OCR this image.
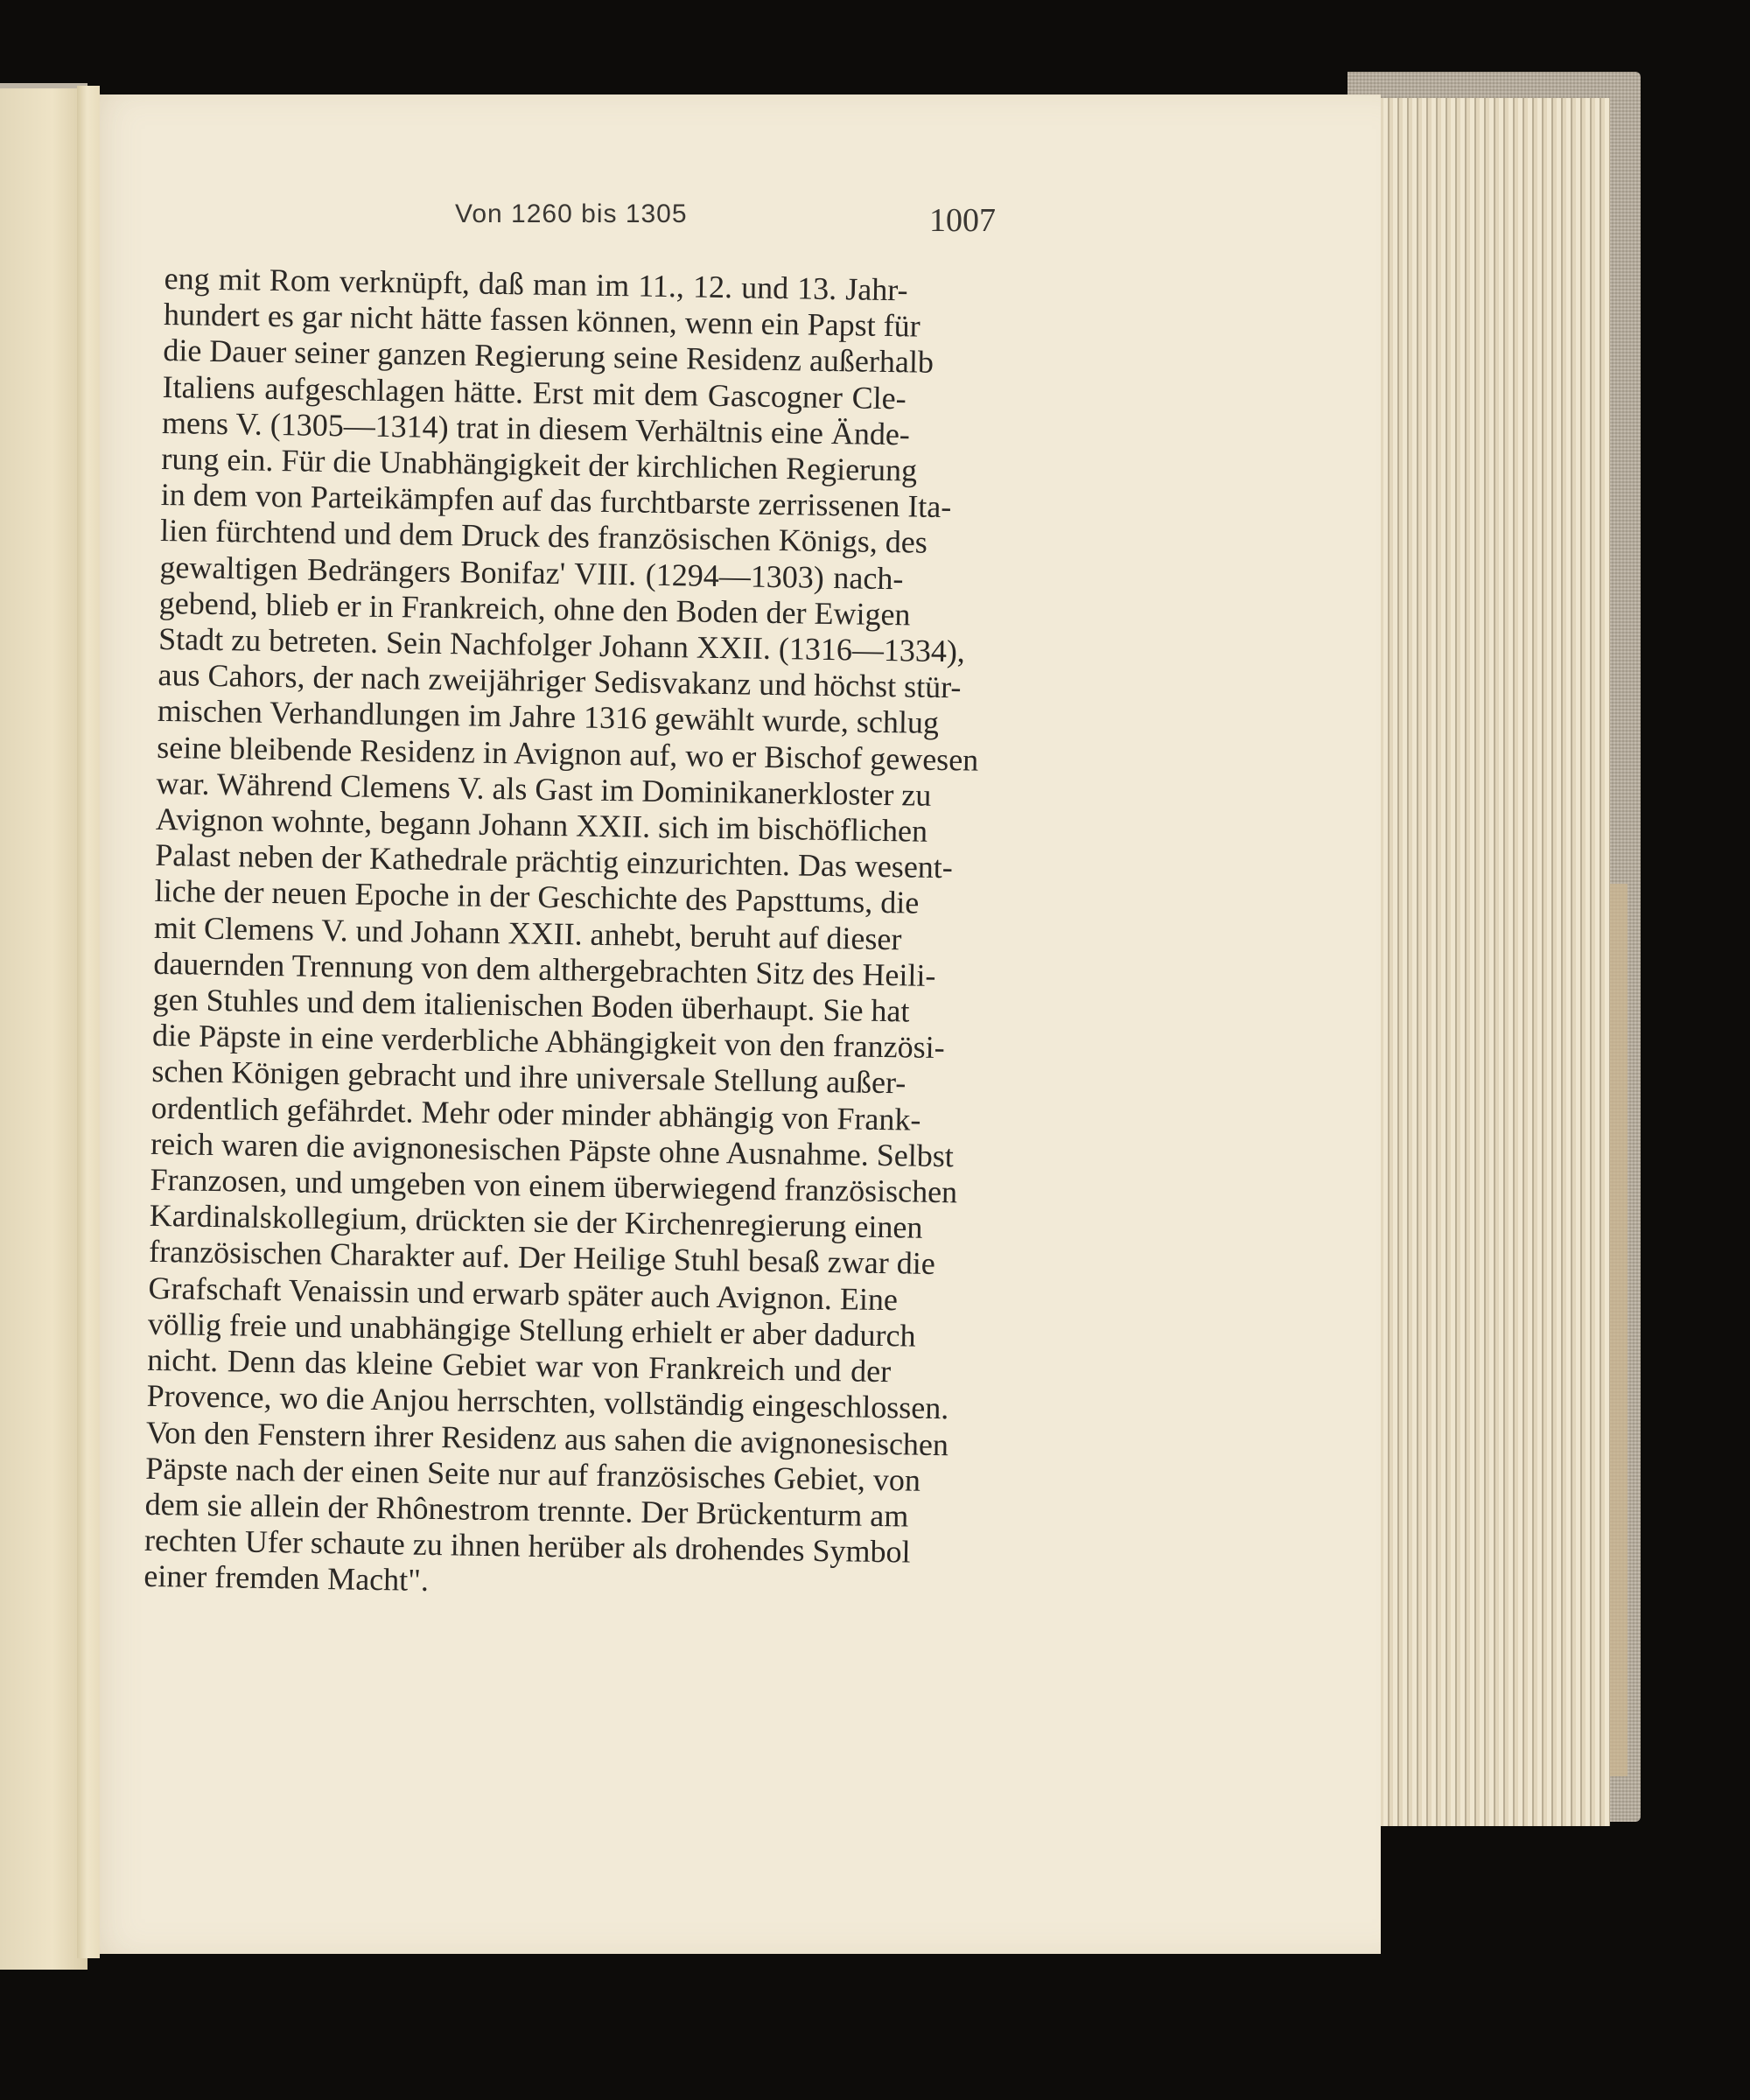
Von 1260 bis 1305	1007
eng mit Rom verknüpft, daß man im 11., 12. und 13. Jahr-
hundert es gar nicht hätte fassen können, wenn ein Papst für
die Dauer seiner ganzen Regierung seine Residenz außerhalb
Italiens aufgeschlagen hätte. Erst mit dem Gascogner Cle-
mens V. (1305—1314) trat in diesem Verhältnis eine Ände-
rung ein. Für die Unabhängigkeit der kirchlichen Regierung
in dem von Parteikämpfen auf das furchtbarste zerrissenen Ita-
lien fürchtend und dem Druck des französischen Königs, des
gewaltigen Bedrängers Bonifaz' VIII. (1294—1303) nach-
gebend, blieb er in Frankreich, ohne den Boden der Ewigen
Stadt zu betreten. Sein Nachfolger Johann XXII. (1316—1334),
aus Cahors, der nach zweijähriger Sedisvakanz und höchst stür-
mischen Verhandlungen im Jahre 1316 gewählt wurde, schlug
seine bleibende Residenz in Avignon auf, wo er Bischof gewesen
war. Während Clemens V. als Gast im Dominikanerkloster zu
Avignon wohnte, begann Johann XXII. sich im bischöflichen
Palast neben der Kathedrale prächtig einzurichten. Das wesent-
liche der neuen Epoche in der Geschichte des Papsttums, die
mit Clemens V. und Johann XXII. anhebt, beruht auf dieser
dauernden Trennung von dem althergebrachten Sitz des Heili-
gen Stuhles und dem italienischen Boden überhaupt. Sie hat
die Päpste in eine verderbliche Abhängigkeit von den französi-
schen Königen gebracht und ihre universale Stellung außer-
ordentlich gefährdet. Mehr oder minder abhängig von Frank-
reich waren die avignonesischen Päpste ohne Ausnahme. Selbst
Franzosen, und umgeben von einem überwiegend französischen
Kardinalskollegium, drückten sie der Kirchenregierung einen
französischen Charakter auf. Der Heilige Stuhl besaß zwar die
Grafschaft Venaissin und erwarb später auch Avignon. Eine
völlig freie und unabhängige Stellung erhielt er aber dadurch
nicht. Denn das kleine Gebiet war von Frankreich und der
Provence, wo die Anjou herrschten, vollständig eingeschlossen.
Von den Fenstern ihrer Residenz aus sahen die avignonesischen
Päpste nach der einen Seite nur auf französisches Gebiet, von
dem sie allein der Rhônestrom trennte. Der Brückenturm am
rechten Ufer schaute zu ihnen herüber als drohendes Symbol
einer fremden Macht".
